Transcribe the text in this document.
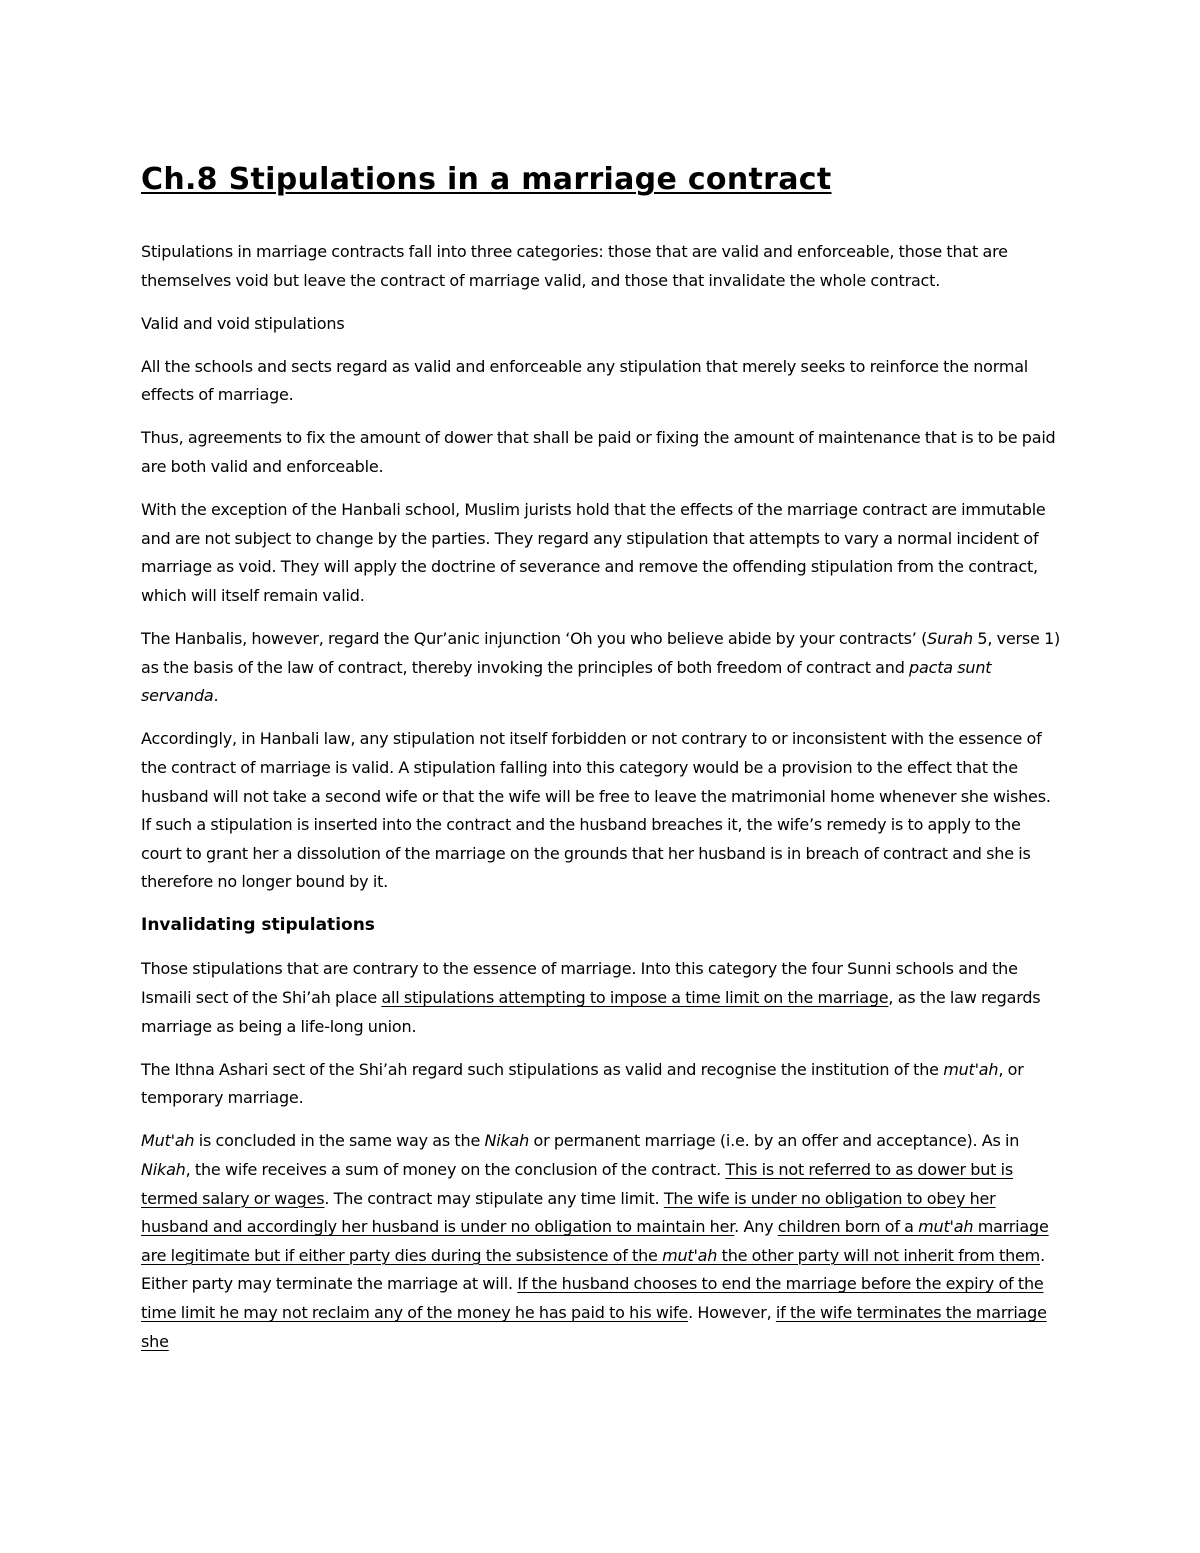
Ch.8 Stipulations in a marriage contract

Stipulations in marriage contracts fall into three categories: those that are valid and enforceable, those that are themselves void but leave the contract of marriage valid, and those that invalidate the whole contract.

Valid and void stipulations

All the schools and sects regard as valid and enforceable any stipulation that merely seeks to reinforce the normal effects of marriage.

Thus, agreements to fix the amount of dower that shall be paid or fixing the amount of maintenance that is to be paid are both valid and enforceable.

With the exception of the Hanbali school, Muslim jurists hold that the effects of the marriage contract are immutable and are not subject to change by the parties. They regard any stipulation that attempts to vary a normal incident of marriage as void. They will apply the doctrine of severance and remove the offending stipulation from the contract, which will itself remain valid.

The Hanbalis, however, regard the Qur’anic injunction ‘Oh you who believe abide by your contracts’ (Surah 5, verse 1) as the basis of the law of contract, thereby invoking the principles of both freedom of contract and pacta sunt servanda.

Accordingly, in Hanbali law, any stipulation not itself forbidden or not contrary to or inconsistent with the essence of the contract of marriage is valid. A stipulation falling into this category would be a provision to the effect that the husband will not take a second wife or that the wife will be free to leave the matrimonial home whenever she wishes. If such a stipulation is inserted into the contract and the husband breaches it, the wife’s remedy is to apply to the court to grant her a dissolution of the marriage on the grounds that her husband is in breach of contract and she is therefore no longer bound by it.

Invalidating stipulations

Those stipulations that are contrary to the essence of marriage. Into this category the four Sunni schools and the Ismaili sect of the Shi’ah place all stipulations attempting to impose a time limit on the marriage, as the law regards marriage as being a life-long union.

The Ithna Ashari sect of the Shi’ah regard such stipulations as valid and recognise the institution of the mut'ah, or temporary marriage.

Mut'ah is concluded in the same way as the Nikah or permanent marriage (i.e. by an offer and acceptance). As in Nikah, the wife receives a sum of money on the conclusion of the contract. This is not referred to as dower but is termed salary or wages. The contract may stipulate any time limit. The wife is under no obligation to obey her husband and accordingly her husband is under no obligation to maintain her. Any children born of a mut'ah marriage are legitimate but if either party dies during the subsistence of the mut'ah the other party will not inherit from them. Either party may terminate the marriage at will. If the husband chooses to end the marriage before the expiry of the time limit he may not reclaim any of the money he has paid to his wife. However, if the wife terminates the marriage she
